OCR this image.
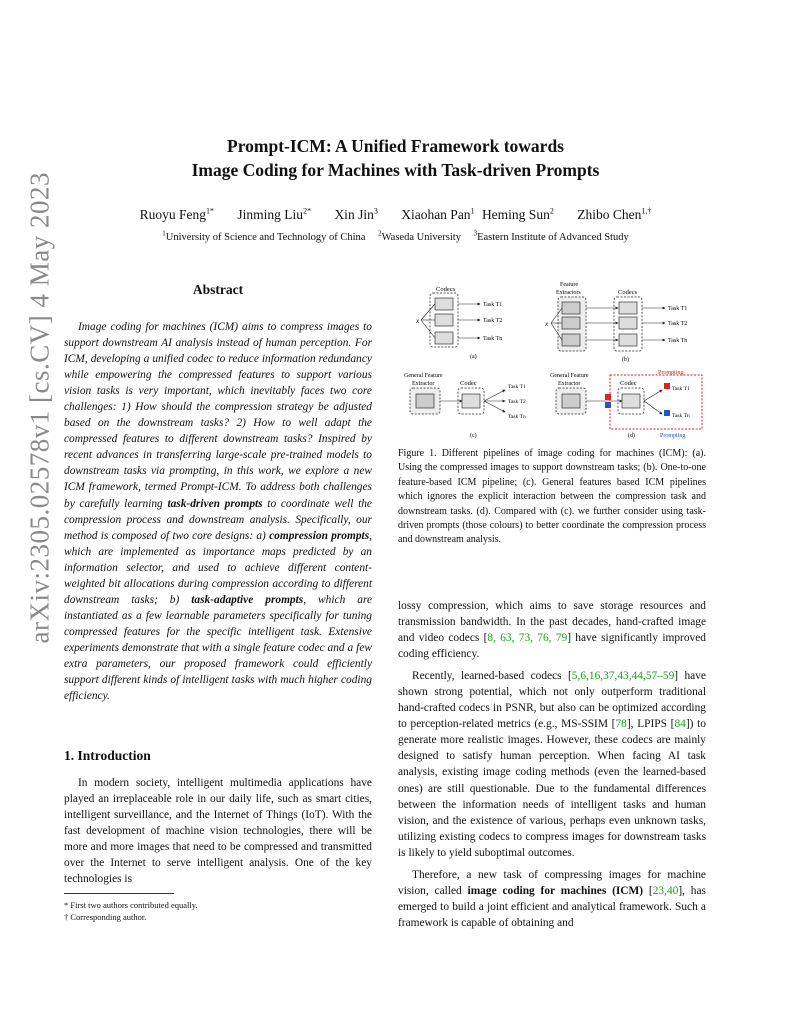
arXiv:2305.02578v1 [cs.CV] 4 May 2023
Prompt-ICM: A Unified Framework towards
Image Coding for Machines with Task-driven Prompts
Ruoyu Feng$^{1*}$ Jinming Liu$^{2*}$ Xin Jin$^3$ Xiaohan Pan$^1$ Heming Sun$^2$ Zhibo Chen$^{1,\dagger}$
$^1$University of Science and Technology of China $^2$Waseda University $^3$Eastern Institute of Advanced Study
Abstract
Image coding for machines (ICM) aims to compress images to support downstream AI analysis instead of human perception. For ICM, developing a unified codec to reduce information redundancy while empowering the compressed features to support various vision tasks is very important, which inevitably faces two core challenges: 1) How should the compression strategy be adjusted based on the downstream tasks? 2) How to well adapt the compressed features to different downstream tasks? Inspired by recent advances in transferring large-scale pre-trained models to downstream tasks via prompting, in this work, we explore a new ICM framework, termed Prompt-ICM. To address both challenges by carefully learning task-driven prompts to coordinate well the compression process and downstream analysis. Specifically, our method is composed of two core designs: a) compression prompts, which are implemented as importance maps predicted by an information selector, and used to achieve different content-weighted bit allocations during compression according to different downstream tasks; b) task-adaptive prompts, which are instantiated as a few learnable parameters specifically for tuning compressed features for the specific intelligent task. Extensive experiments demonstrate that with a single feature codec and a few extra parameters, our proposed framework could efficiently support different kinds of intelligent tasks with much higher coding efficiency.
1. Introduction

In modern society, intelligent multimedia applications have played an irreplaceable role in our daily life, such as smart cities, intelligent surveillance, and the Internet of Things (IoT). With the fast development of machine vision technologies, there will be more and more images that need to be compressed and transmitted over the Internet to serve intelligent analysis. One of the key technologies is

* First two authors contributed equally.
† Corresponding author.
Codecs
x
Task T1
Task T2
Task Tn
(a)
Feature
Extractors	Codecs
x
Task T1
Task T2
Task Tn
(b)
General Feature
Extractor	Codec	Task T1
Task T2
Task Tn
(c)
General Feature
Extractor	Codec
Prompting
Task T1
Task Tn
Prompting
(d)
Figure 1. Different pipelines of image coding for machines (ICM): (a). Using the compressed images to support downstream tasks; (b). One-to-one feature-based ICM pipeline; (c). General features based ICM pipelines which ignores the explicit interaction between the compression task and downstream tasks. (d). Compared with (c). we further consider using task-driven prompts (those colours) to better coordinate the compression process and downstream analysis.

lossy compression, which aims to save storage resources and transmission bandwidth. In the past decades, hand-crafted image and video codecs [8, 63, 73, 76, 79] have significantly improved coding efficiency.

Recently, learned-based codecs [5,6,16,37,43,44,57–59] have shown strong potential, which not only outperform traditional hand-crafted codecs in PSNR, but also can be optimized according to perception-related metrics (e.g., MS-SSIM [78], LPIPS [84]) to generate more realistic images. However, these codecs are mainly designed to satisfy human perception. When facing AI task analysis, existing image coding methods (even the learned-based ones) are still questionable. Due to the fundamental differences between the information needs of intelligent tasks and human vision, and the existence of various, perhaps even unknown tasks, utilizing existing codecs to compress images for downstream tasks is likely to yield suboptimal outcomes.

Therefore, a new task of compressing images for machine vision, called image coding for machines (ICM) [23,40], has emerged to build a joint efficient and analytical framework. Such a framework is capable of obtaining and
